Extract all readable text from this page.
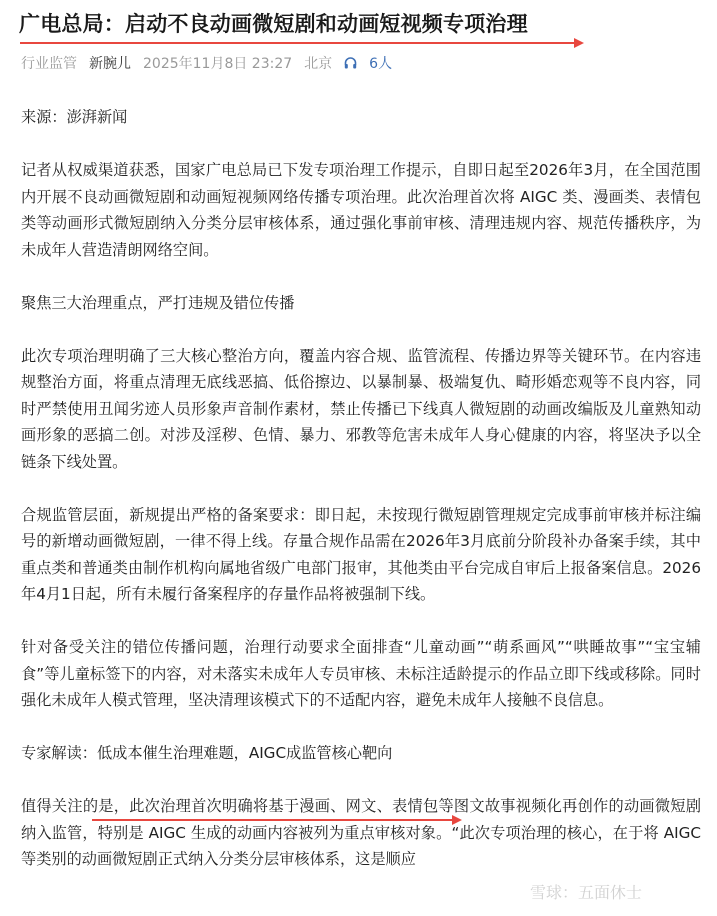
广电总局：启动不良动画微短剧和动画短视频专项治理
行业监管 新腕儿 2025年11月8日 23:27 北京	6人

来源：澎湃新闻

记者从权威渠道获悉，国家广电总局已下发专项治理工作提示，自即日起至2026年3月，在全国范围内开展不良动画微短剧和动画短视频网络传播专项治理。此次治理首次将 AIGC 类、漫画类、表情包类等动画形式微短剧纳入分类分层审核体系，通过强化事前审核、清理违规内容、规范传播秩序，为未成年人营造清朗网络空间。

聚焦三大治理重点，严打违规及错位传播

此次专项治理明确了三大核心整治方向，覆盖内容合规、监管流程、传播边界等关键环节。在内容违规整治方面，将重点清理无底线恶搞、低俗擦边、以暴制暴、极端复仇、畸形婚恋观等不良内容，同时严禁使用丑闻劣迹人员形象声音制作素材，禁止传播已下线真人微短剧的动画改编版及儿童熟知动画形象的恶搞二创。对涉及淫秽、色情、暴力、邪教等危害未成年人身心健康的内容，将坚决予以全链条下线处置。

合规监管层面，新规提出严格的备案要求：即日起，未按现行微短剧管理规定完成事前审核并标注编号的新增动画微短剧，一律不得上线。存量合规作品需在2026年3月底前分阶段补办备案手续，其中重点类和普通类由制作机构向属地省级广电部门报审，其他类由平台完成自审后上报备案信息。2026年4月1日起，所有未履行备案程序的存量作品将被强制下线。

针对备受关注的错位传播问题，治理行动要求全面排查“儿童动画”“萌系画风”“哄睡故事”“宝宝辅食”等儿童标签下的内容，对未落实未成年人专员审核、未标注适龄提示的作品立即下线或移除。同时强化未成年人模式管理，坚决清理该模式下的不适配内容，避免未成年人接触不良信息。

专家解读：低成本催生治理难题，AIGC成监管核心靶向

值得关注的是，此次治理首次明确将基于漫画、网文、表情包等图文故事视频化再创作的动画微短剧纳入监管，特别是 AIGC 生成的动画内容被列为重点审核对象。“此次专项治理的核心，在于将 AIGC 等类别的动画微短剧正式纳入分类分层审核体系，这是顺应

雪球：五面休士
